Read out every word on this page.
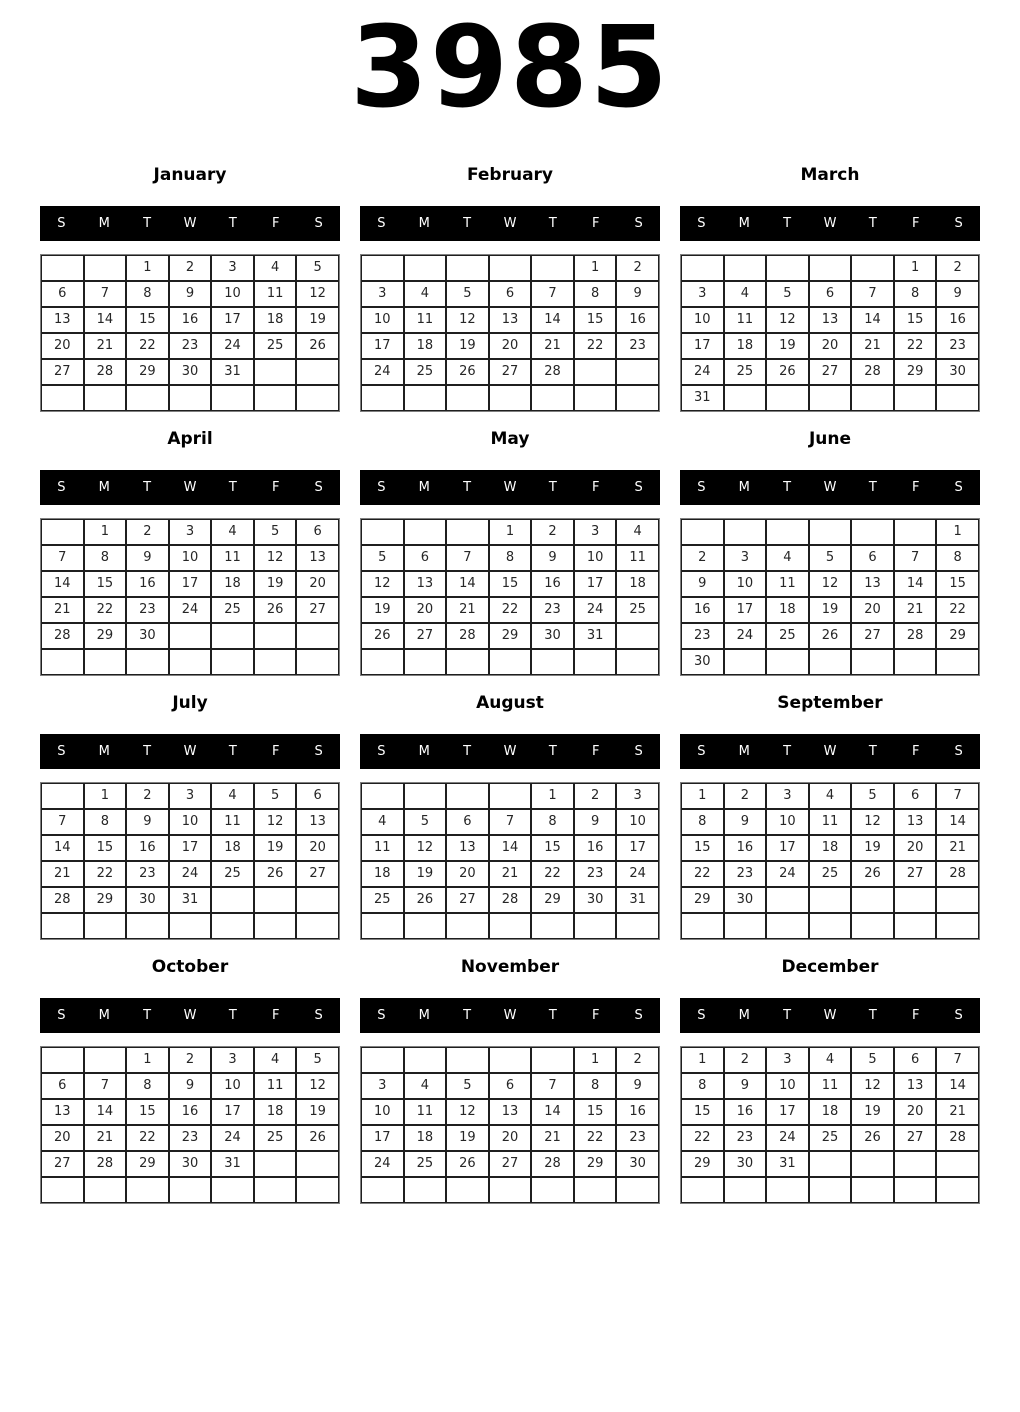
3985
January
S	M	T	W	T	F	S
		1	2	3	4	5
6	7	8	9	10	11	12
13	14	15	16	17	18	19
20	21	22	23	24	25	26
27	28	29	30	31		

February
S	M	T	W	T	F	S
					1	2
3	4	5	6	7	8	9
10	11	12	13	14	15	16
17	18	19	20	21	22	23
24	25	26	27	28		

March
S	M	T	W	T	F	S
					1	2
3	4	5	6	7	8	9
10	11	12	13	14	15	16
17	18	19	20	21	22	23
24	25	26	27	28	29	30
31						
April
S	M	T	W	T	F	S
	1	2	3	4	5	6
7	8	9	10	11	12	13
14	15	16	17	18	19	20
21	22	23	24	25	26	27
28	29	30				

May
S	M	T	W	T	F	S
			1	2	3	4
5	6	7	8	9	10	11
12	13	14	15	16	17	18
19	20	21	22	23	24	25
26	27	28	29	30	31	

June
S	M	T	W	T	F	S
						1
2	3	4	5	6	7	8
9	10	11	12	13	14	15
16	17	18	19	20	21	22
23	24	25	26	27	28	29
30						
July
S	M	T	W	T	F	S
	1	2	3	4	5	6
7	8	9	10	11	12	13
14	15	16	17	18	19	20
21	22	23	24	25	26	27
28	29	30	31			

August
S	M	T	W	T	F	S
				1	2	3
4	5	6	7	8	9	10
11	12	13	14	15	16	17
18	19	20	21	22	23	24
25	26	27	28	29	30	31

September
S	M	T	W	T	F	S
1	2	3	4	5	6	7
8	9	10	11	12	13	14
15	16	17	18	19	20	21
22	23	24	25	26	27	28
29	30					

October
S	M	T	W	T	F	S
		1	2	3	4	5
6	7	8	9	10	11	12
13	14	15	16	17	18	19
20	21	22	23	24	25	26
27	28	29	30	31		

November
S	M	T	W	T	F	S
					1	2
3	4	5	6	7	8	9
10	11	12	13	14	15	16
17	18	19	20	21	22	23
24	25	26	27	28	29	30

December
S	M	T	W	T	F	S
1	2	3	4	5	6	7
8	9	10	11	12	13	14
15	16	17	18	19	20	21
22	23	24	25	26	27	28
29	30	31				
